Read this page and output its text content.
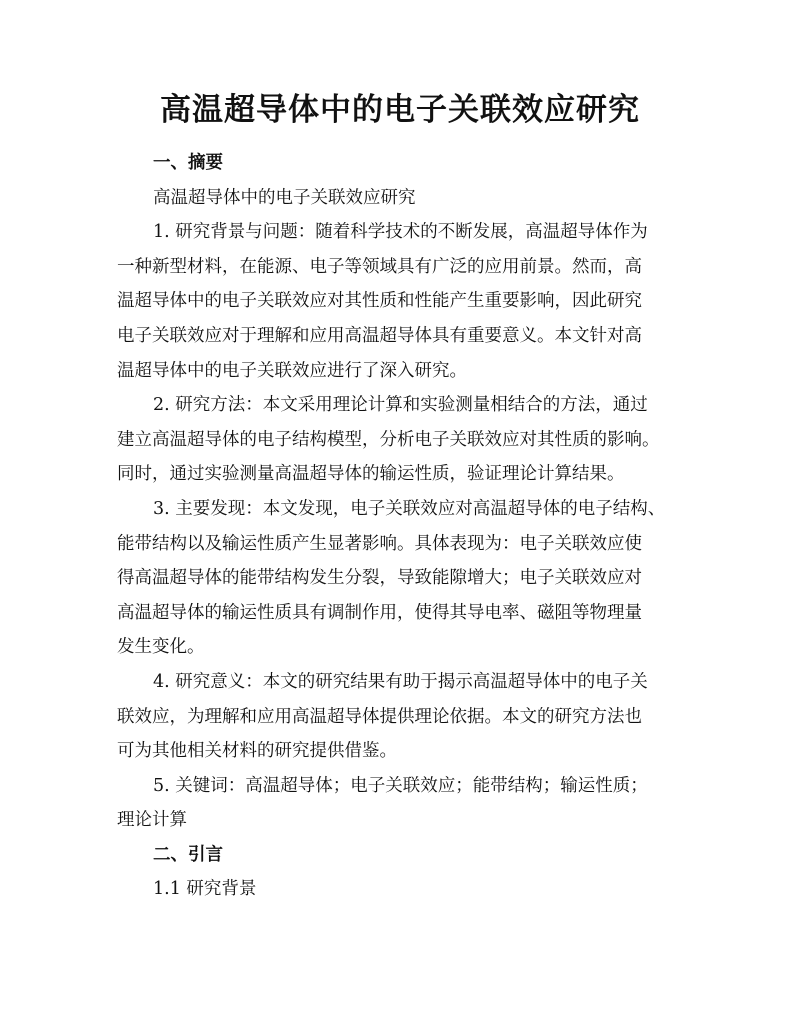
高温超导体中的电子关联效应研究
一、摘要
高温超导体中的电子关联效应研究
1. 研究背景与问题：随着科学技术的不断发展，高温超导体作为
一种新型材料，在能源、电子等领域具有广泛的应用前景。然而，高
温超导体中的电子关联效应对其性质和性能产生重要影响，因此研究
电子关联效应对于理解和应用高温超导体具有重要意义。本文针对高
温超导体中的电子关联效应进行了深入研究。
2. 研究方法：本文采用理论计算和实验测量相结合的方法，通过
建立高温超导体的电子结构模型，分析电子关联效应对其性质的影响。
同时，通过实验测量高温超导体的输运性质，验证理论计算结果。
3. 主要发现：本文发现，电子关联效应对高温超导体的电子结构、
能带结构以及输运性质产生显著影响。具体表现为：电子关联效应使
得高温超导体的能带结构发生分裂，导致能隙增大；电子关联效应对
高温超导体的输运性质具有调制作用，使得其导电率、磁阻等物理量
发生变化。
4. 研究意义：本文的研究结果有助于揭示高温超导体中的电子关
联效应，为理解和应用高温超导体提供理论依据。本文的研究方法也
可为其他相关材料的研究提供借鉴。
5. 关键词：高温超导体；电子关联效应；能带结构；输运性质；
理论计算
二、引言
1.1 研究背景
